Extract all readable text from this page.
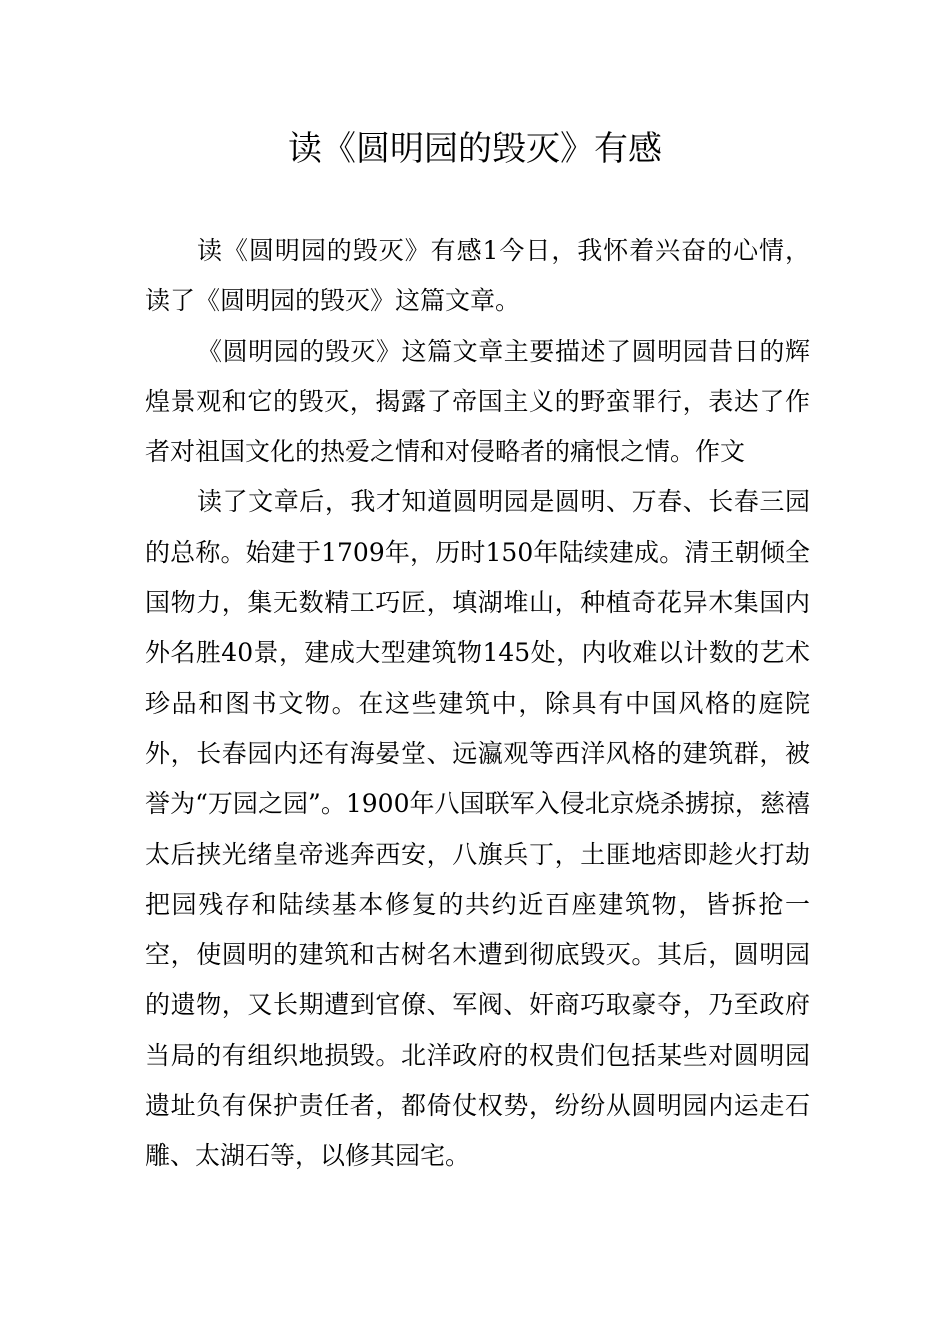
读《圆明园的毁灭》有感

读《圆明园的毁灭》有感1今日，我怀着兴奋的心情，读了《圆明园的毁灭》这篇文章。

《圆明园的毁灭》这篇文章主要描述了圆明园昔日的辉煌景观和它的毁灭，揭露了帝国主义的野蛮罪行，表达了作者对祖国文化的热爱之情和对侵略者的痛恨之情。作文

读了文章后，我才知道圆明园是圆明、万春、长春三园的总称。始建于1709年，历时150年陆续建成。清王朝倾全国物力，集无数精工巧匠，填湖堆山，种植奇花异木集国内外名胜40景，建成大型建筑物145处，内收难以计数的艺术珍品和图书文物。在这些建筑中，除具有中国风格的庭院外，长春园内还有海晏堂、远瀛观等西洋风格的建筑群，被誉为“万园之园”。1900年八国联军入侵北京烧杀掳掠，慈禧太后挟光绪皇帝逃奔西安，八旗兵丁，土匪地痞即趁火打劫把园残存和陆续基本修复的共约近百座建筑物，皆拆抢一空，使圆明的建筑和古树名木遭到彻底毁灭。其后，圆明园的遗物，又长期遭到官僚、军阀、奸商巧取豪夺，乃至政府当局的有组织地损毁。北洋政府的权贵们包括某些对圆明园遗址负有保护责任者，都倚仗权势，纷纷从圆明园内运走石雕、太湖石等，以修其园宅。
